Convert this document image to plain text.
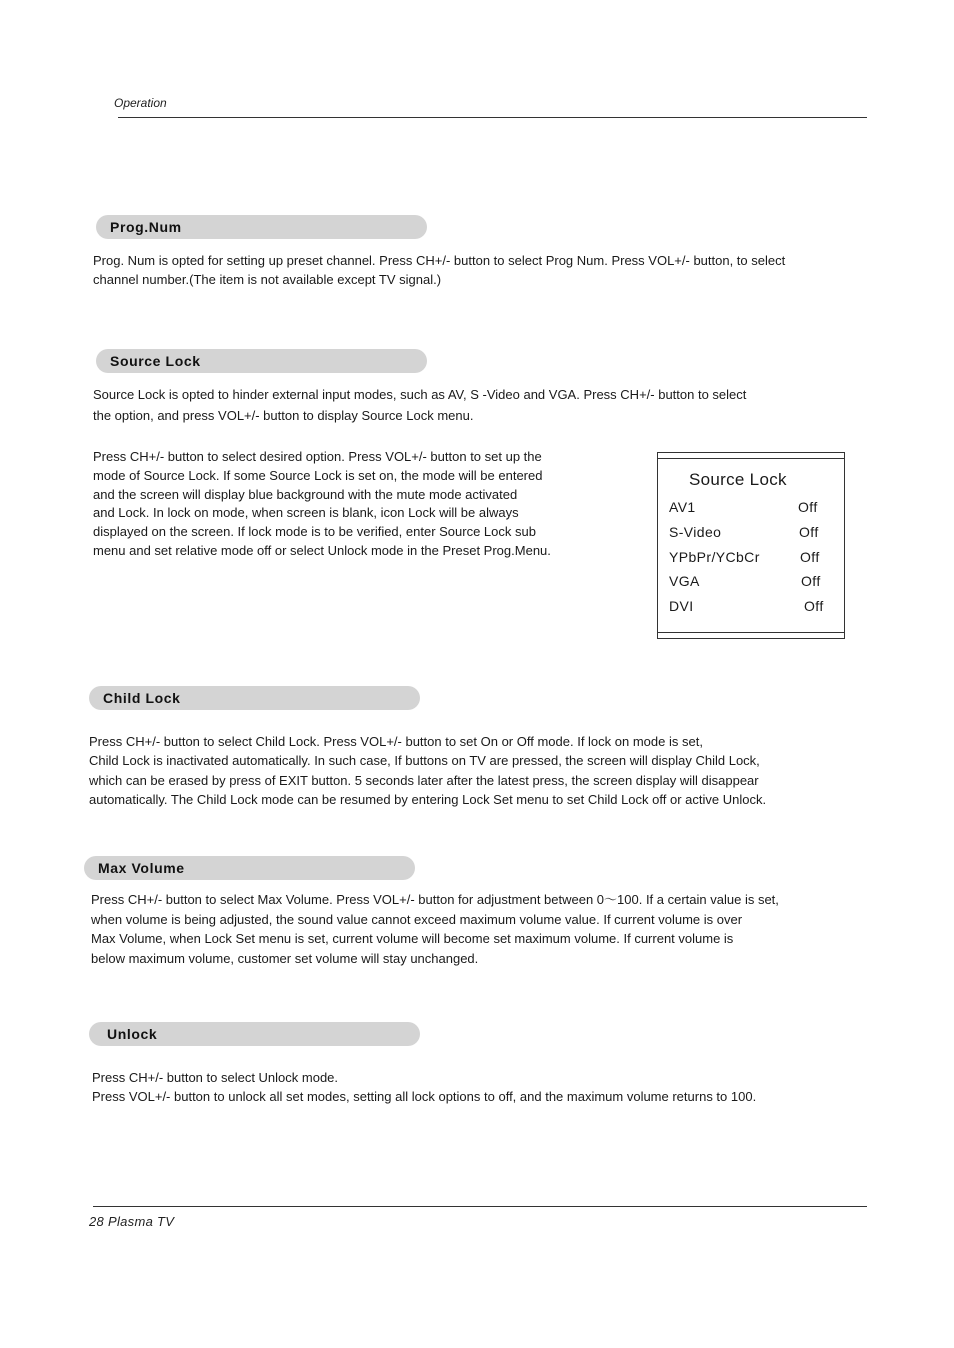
Operation
Prog.Num
Prog. Num is opted for setting up preset channel. Press CH+/- button to select Prog Num. Press VOL+/- button, to select
channel number.(The item is not available except TV signal.)
Source Lock
Source Lock is opted to hinder external input modes, such as AV, S -Video and VGA. Press CH+/- button to select
the option, and press VOL+/- button to display Source Lock menu.
Press CH+/- button to select desired option. Press VOL+/- button to set up the
mode of Source Lock. If some Source Lock is set on, the mode will be entered
and the screen will display blue background with the mute mode activated
and Lock. In lock on mode, when screen is blank, icon Lock will be always
displayed on the screen. If lock mode is to be verified, enter Source Lock sub
menu and set relative mode off or select Unlock mode in the Preset Prog.Menu.
Source Lock
AV1	Off
S-Video	Off
YPbPr/YCbCr	Off
VGA	Off
DVI	Off
Child Lock
Press CH+/- button to select Child Lock. Press VOL+/- button to set On or Off mode. If lock on mode is set,
Child Lock is inactivated automatically. In such case, If buttons on TV are pressed, the screen will display Child Lock,
which can be erased by press of EXIT button. 5 seconds later after the latest press, the screen display will disappear
automatically. The Child Lock mode can be resumed by entering Lock Set menu to set Child Lock off or active Unlock.
Max Volume
Press CH+/- button to select Max Volume. Press VOL+/- button for adjustment between 0～100. If a certain value is set,
when volume is being adjusted, the sound value cannot exceed maximum volume value. If current volume is over
Max Volume, when Lock Set menu is set, current volume will become set maximum volume. If current volume is
below maximum volume, customer set volume will stay unchanged.
Unlock
Press CH+/- button to select Unlock mode.
Press VOL+/- button to unlock all set modes, setting all lock options to off, and the maximum volume returns to 100.
28 Plasma TV
